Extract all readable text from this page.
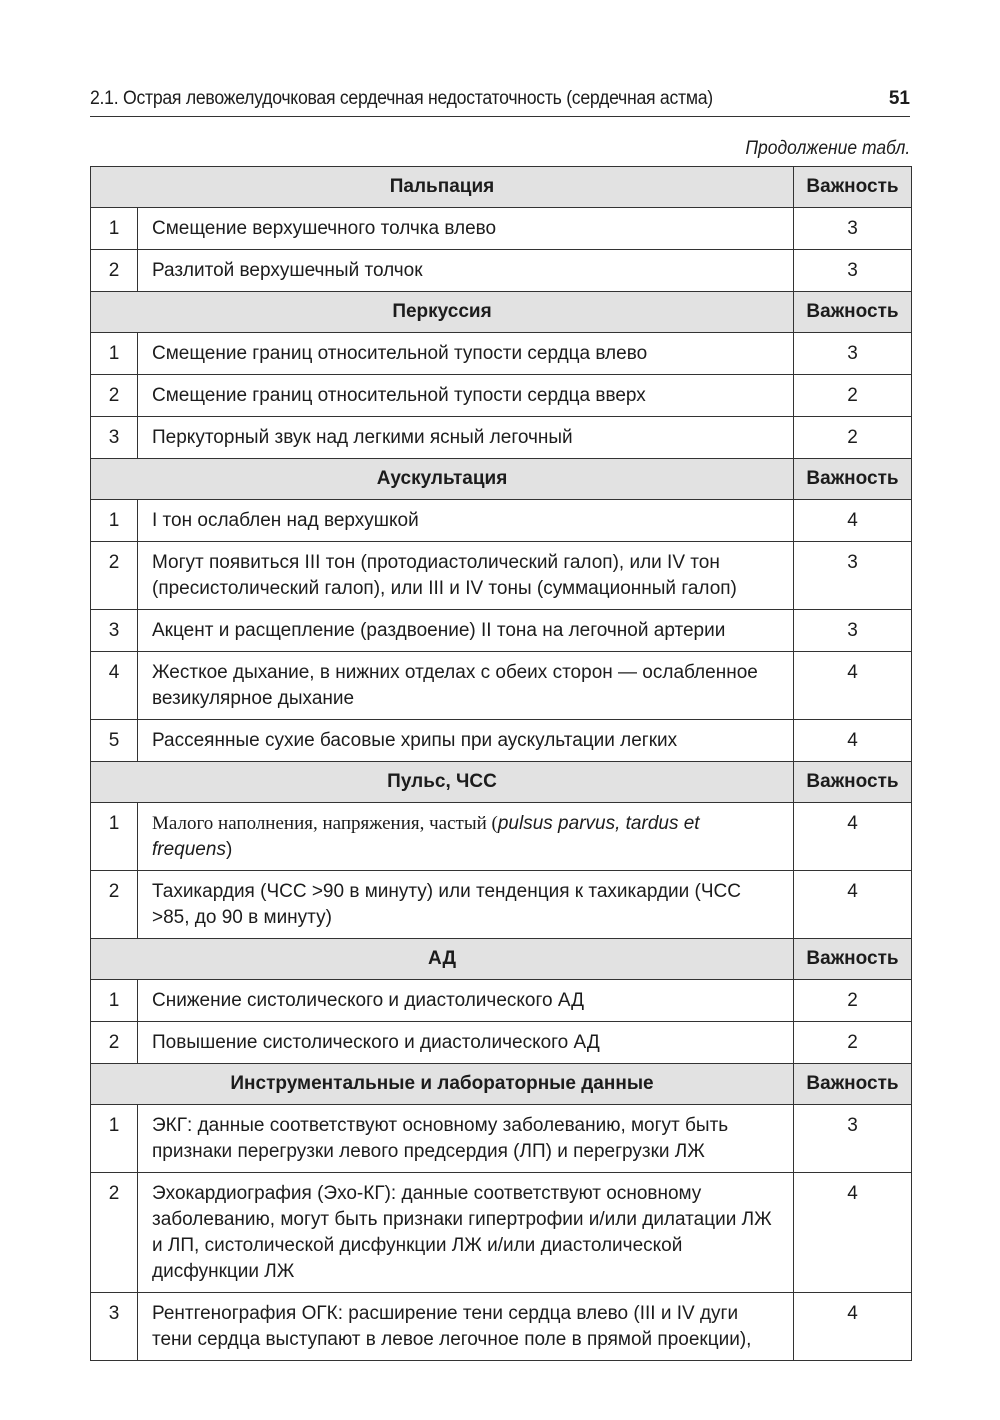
2.1. Острая левожелудочковая сердечная недостаточность (сердечная астма)	51
Продолжение табл.
Пальпация		Важность
1	Смещение верхушечного толчка влево	3
2	Разлитой верхушечный толчок	3
Перкуссия		Важность
1	Смещение границ относительной тупости сердца влево	3
2	Смещение границ относительной тупости сердца вверх	2
3	Перкуторный звук над легкими ясный легочный	2
Аускультация		Важность
1	I тон ослаблен над верхушкой	4
2	Могут появиться III тон (протодиастолический галоп), или IV тон (пресистолический галоп), или III и IV тоны (суммационный галоп)	3
3	Акцент и расщепление (раздвоение) II тона на легочной артерии	3
4	Жесткое дыхание, в нижних отделах с обеих сторон — ослабленное везикулярное дыхание	4
5	Рассеянные сухие басовые хрипы при аускультации легких	4
Пульс, ЧСС		Важность
1	Малого наполнения, напряжения, частый (pulsus parvus, tardus et frequens)	4
2	Тахикардия (ЧСС >90 в минуту) или тенденция к тахикардии (ЧСС >85, до 90 в минуту)	4
АД		Важность
1	Снижение систолического и диастолического АД	2
2	Повышение систолического и диастолического АД	2
Инструментальные и лабораторные данные		Важность
1	ЭКГ: данные соответствуют основному заболеванию, могут быть признаки перегрузки левого предсердия (ЛП) и перегрузки ЛЖ	3
2	Эхокардиография (Эхо-КГ): данные соответствуют основному заболеванию, могут быть признаки гипертрофии и/или дилатации ЛЖ и ЛП, систолической дисфункции ЛЖ и/или диастолической дисфункции ЛЖ	4
3	Рентгенография ОГК: расширение тени сердца влево (III и IV дуги тени сердца выступают в левое легочное поле в прямой проекции),	4
